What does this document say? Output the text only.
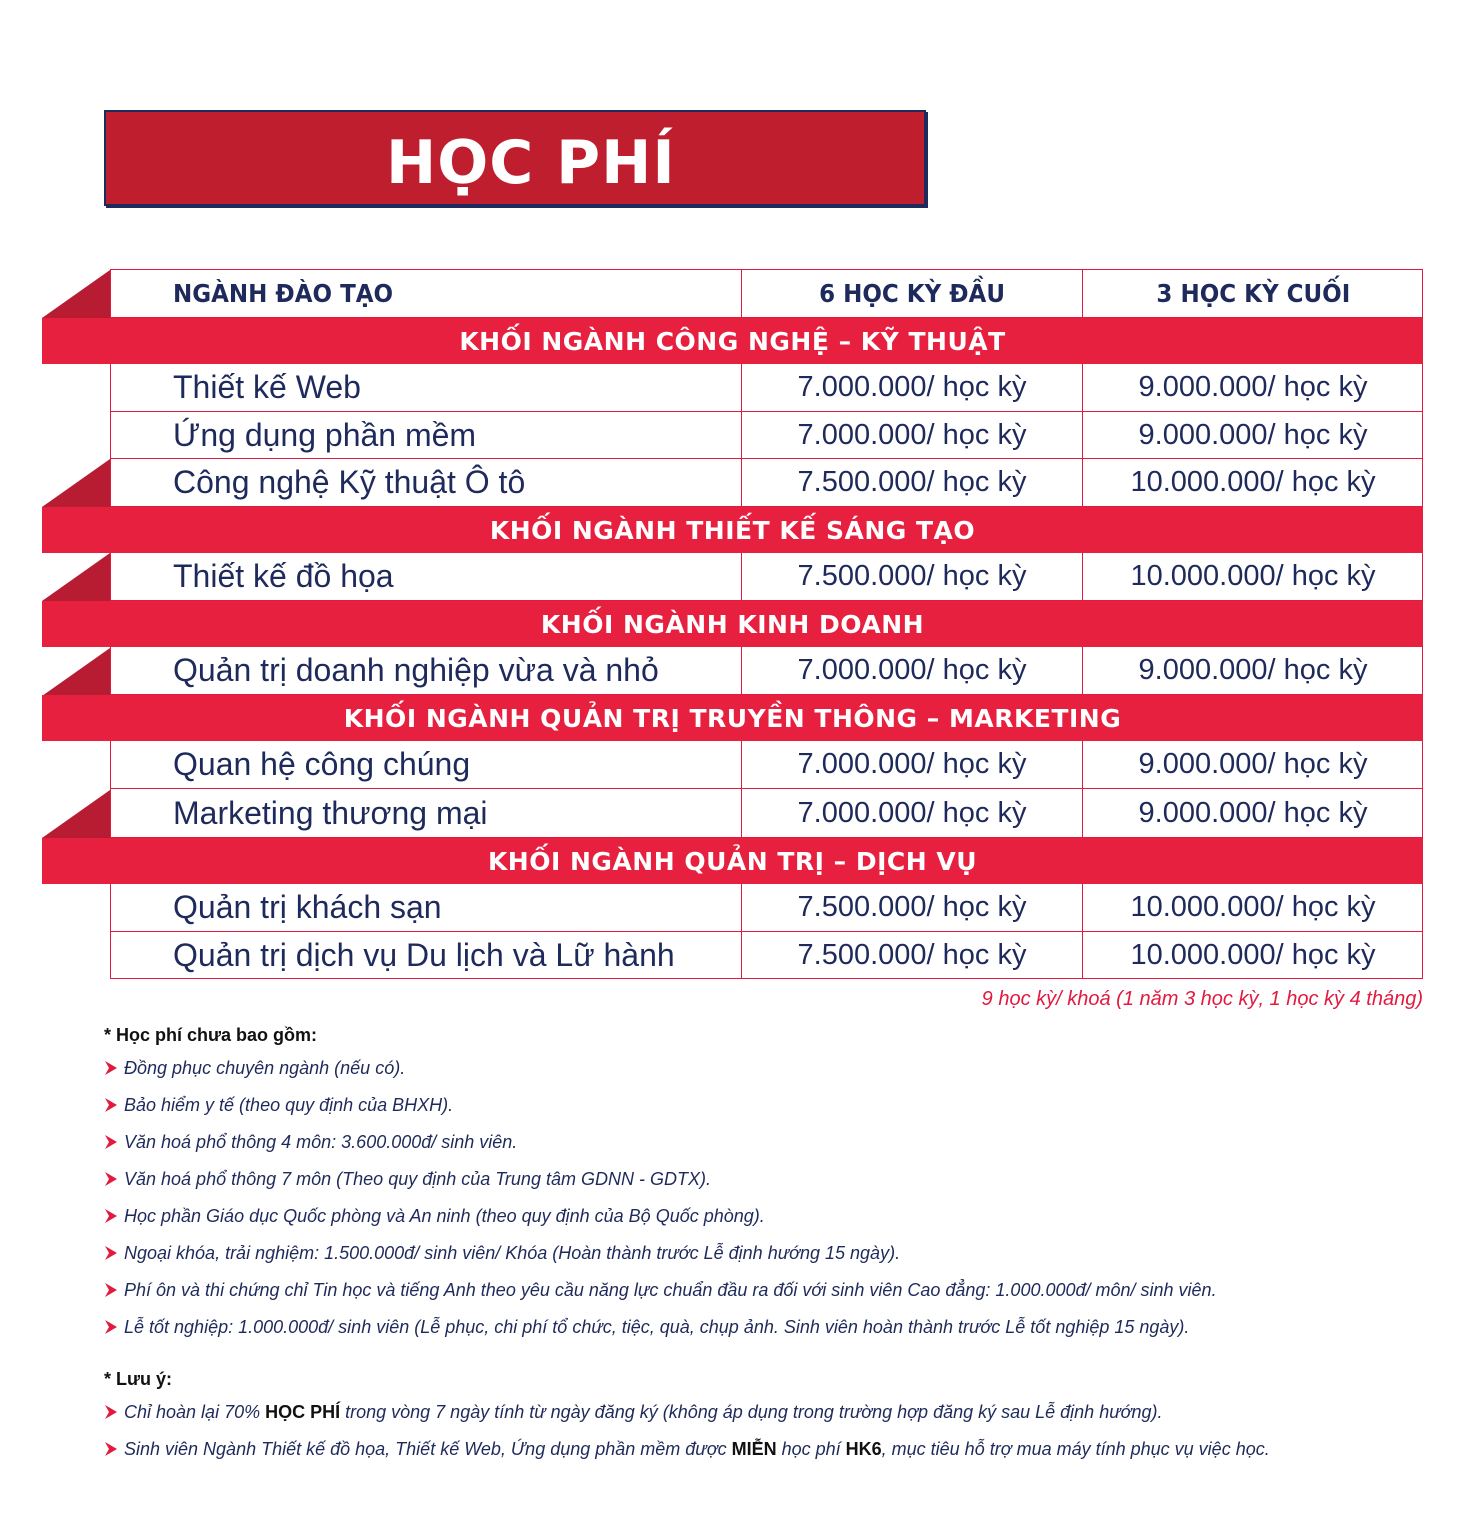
HỌC PHÍ
NGÀNH ĐÀO TẠO	6 HỌC KỲ ĐẦU	3 HỌC KỲ CUỐI
KHỐI NGÀNH CÔNG NGHỆ – KỸ THUẬT
Thiết kế Web	7.000.000/ học kỳ	9.000.000/ học kỳ
Ứng dụng phần mềm	7.000.000/ học kỳ	9.000.000/ học kỳ
Công nghệ Kỹ thuật Ô tô	7.500.000/ học kỳ	10.000.000/ học kỳ
KHỐI NGÀNH THIẾT KẾ SÁNG TẠO
Thiết kế đồ họa	7.500.000/ học kỳ	10.000.000/ học kỳ
KHỐI NGÀNH KINH DOANH
Quản trị doanh nghiệp vừa và nhỏ	7.000.000/ học kỳ	9.000.000/ học kỳ
KHỐI NGÀNH QUẢN TRỊ TRUYỀN THÔNG – MARKETING
Quan hệ công chúng	7.000.000/ học kỳ	9.000.000/ học kỳ
Marketing thương mại	7.000.000/ học kỳ	9.000.000/ học kỳ
KHỐI NGÀNH QUẢN TRỊ – DỊCH VỤ
Quản trị khách sạn	7.500.000/ học kỳ	10.000.000/ học kỳ
Quản trị dịch vụ Du lịch và Lữ hành	7.500.000/ học kỳ	10.000.000/ học kỳ
9 học kỳ/ khoá (1 năm 3 học kỳ, 1 học kỳ 4 tháng)
* Học phí chưa bao gồm:
Đồng phục chuyên ngành (nếu có).
Bảo hiểm y tế (theo quy định của BHXH).
Văn hoá phổ thông 4 môn: 3.600.000đ/ sinh viên.
Văn hoá phổ thông 7 môn (Theo quy định của Trung tâm GDNN - GDTX).
Học phần Giáo dục Quốc phòng và An ninh (theo quy định của Bộ Quốc phòng).
Ngoại khóa, trải nghiệm: 1.500.000đ/ sinh viên/ Khóa (Hoàn thành trước Lễ định hướng 15 ngày).
Phí ôn và thi chứng chỉ Tin học và tiếng Anh theo yêu cầu năng lực chuẩn đầu ra đối với sinh viên Cao đẳng: 1.000.000đ/ môn/ sinh viên.
Lễ tốt nghiệp: 1.000.000đ/ sinh viên (Lễ phục, chi phí tổ chức, tiệc, quà, chụp ảnh. Sinh viên hoàn thành trước Lễ tốt nghiệp 15 ngày).
* Lưu ý:
Chỉ hoàn lại 70% HỌC PHÍ trong vòng 7 ngày tính từ ngày đăng ký (không áp dụng trong trường hợp đăng ký sau Lễ định hướng).
Sinh viên Ngành Thiết kế đồ họa, Thiết kế Web, Ứng dụng phần mềm được MIỄN học phí HK6, mục tiêu hỗ trợ mua máy tính phục vụ việc học.
